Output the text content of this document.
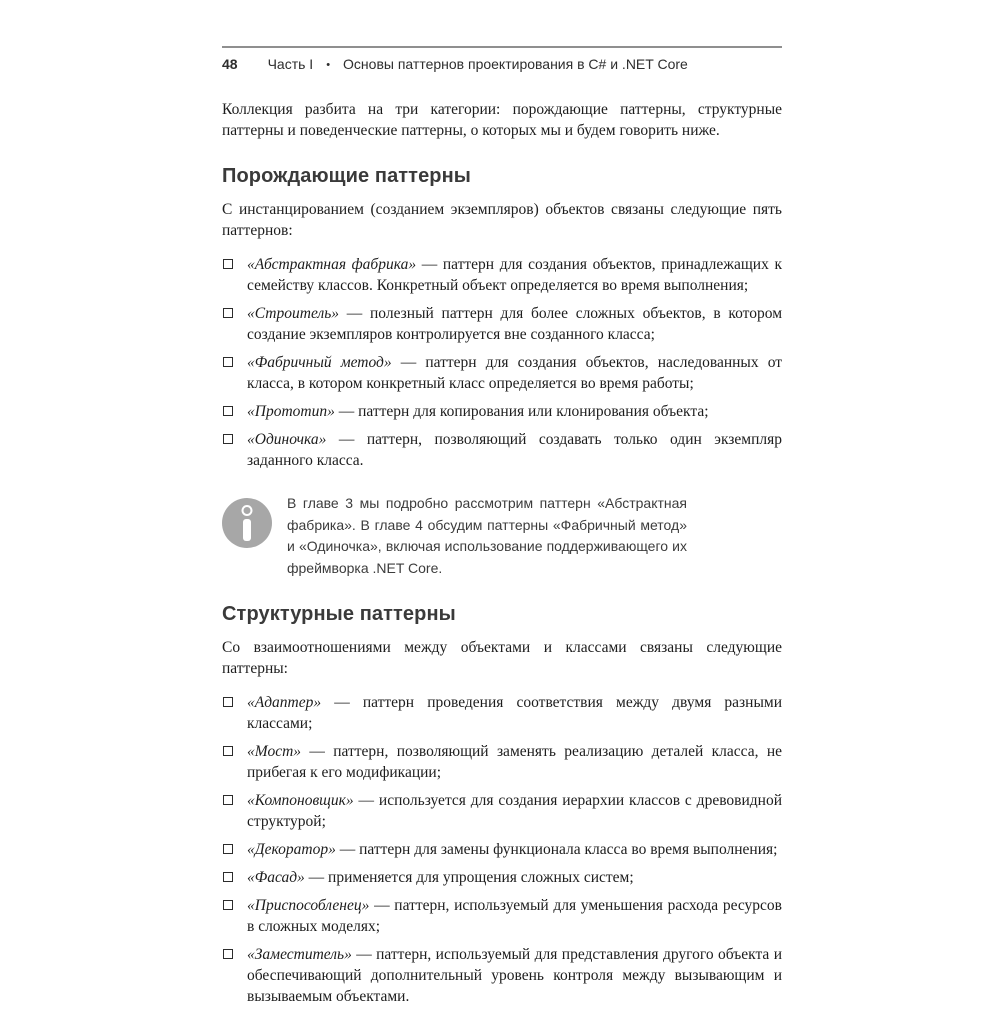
48 Часть I • Основы паттернов проектирования в C# и .NET Core

Коллекция разбита на три категории: порождающие паттерны, структурные паттерны и поведенческие паттерны, о которых мы и будем говорить ниже.

Порождающие паттерны

С инстанцированием (созданием экземпляров) объектов связаны следующие пять паттернов:

«Абстрактная фабрика» — паттерн для создания объектов, принадлежащих к семейству классов. Конкретный объект определяется во время выполнения;
«Строитель» — полезный паттерн для более сложных объектов, в котором создание экземпляров контролируется вне созданного класса;
«Фабричный метод» — паттерн для создания объектов, наследованных от класса, в котором конкретный класс определяется во время работы;
«Прототип» — паттерн для копирования или клонирования объекта;
«Одиночка» — паттерн, позволяющий создавать только один экземпляр заданного класса.
В главе 3 мы подробно рассмотрим паттерн «Абстрактная фабрика». В главе 4 обсудим паттерны «Фабричный метод» и «Одиночка», включая использование поддерживающего их фреймворка .NET Core.
Структурные паттерны

Со взаимоотношениями между объектами и классами связаны следующие паттерны:

«Адаптер» — паттерн проведения соответствия между двумя разными классами;
«Мост» — паттерн, позволяющий заменять реализацию деталей класса, не прибегая к его модификации;
«Компоновщик» — используется для создания иерархии классов с древовидной структурой;
«Декоратор» — паттерн для замены функционала класса во время выполнения;
«Фасад» — применяется для упрощения сложных систем;
«Приспособленец» — паттерн, используемый для уменьшения расхода ресурсов в сложных моделях;
«Заместитель» — паттерн, используемый для представления другого объекта и обеспечивающий дополнительный уровень контроля между вызывающим и вызываемым объектами.
